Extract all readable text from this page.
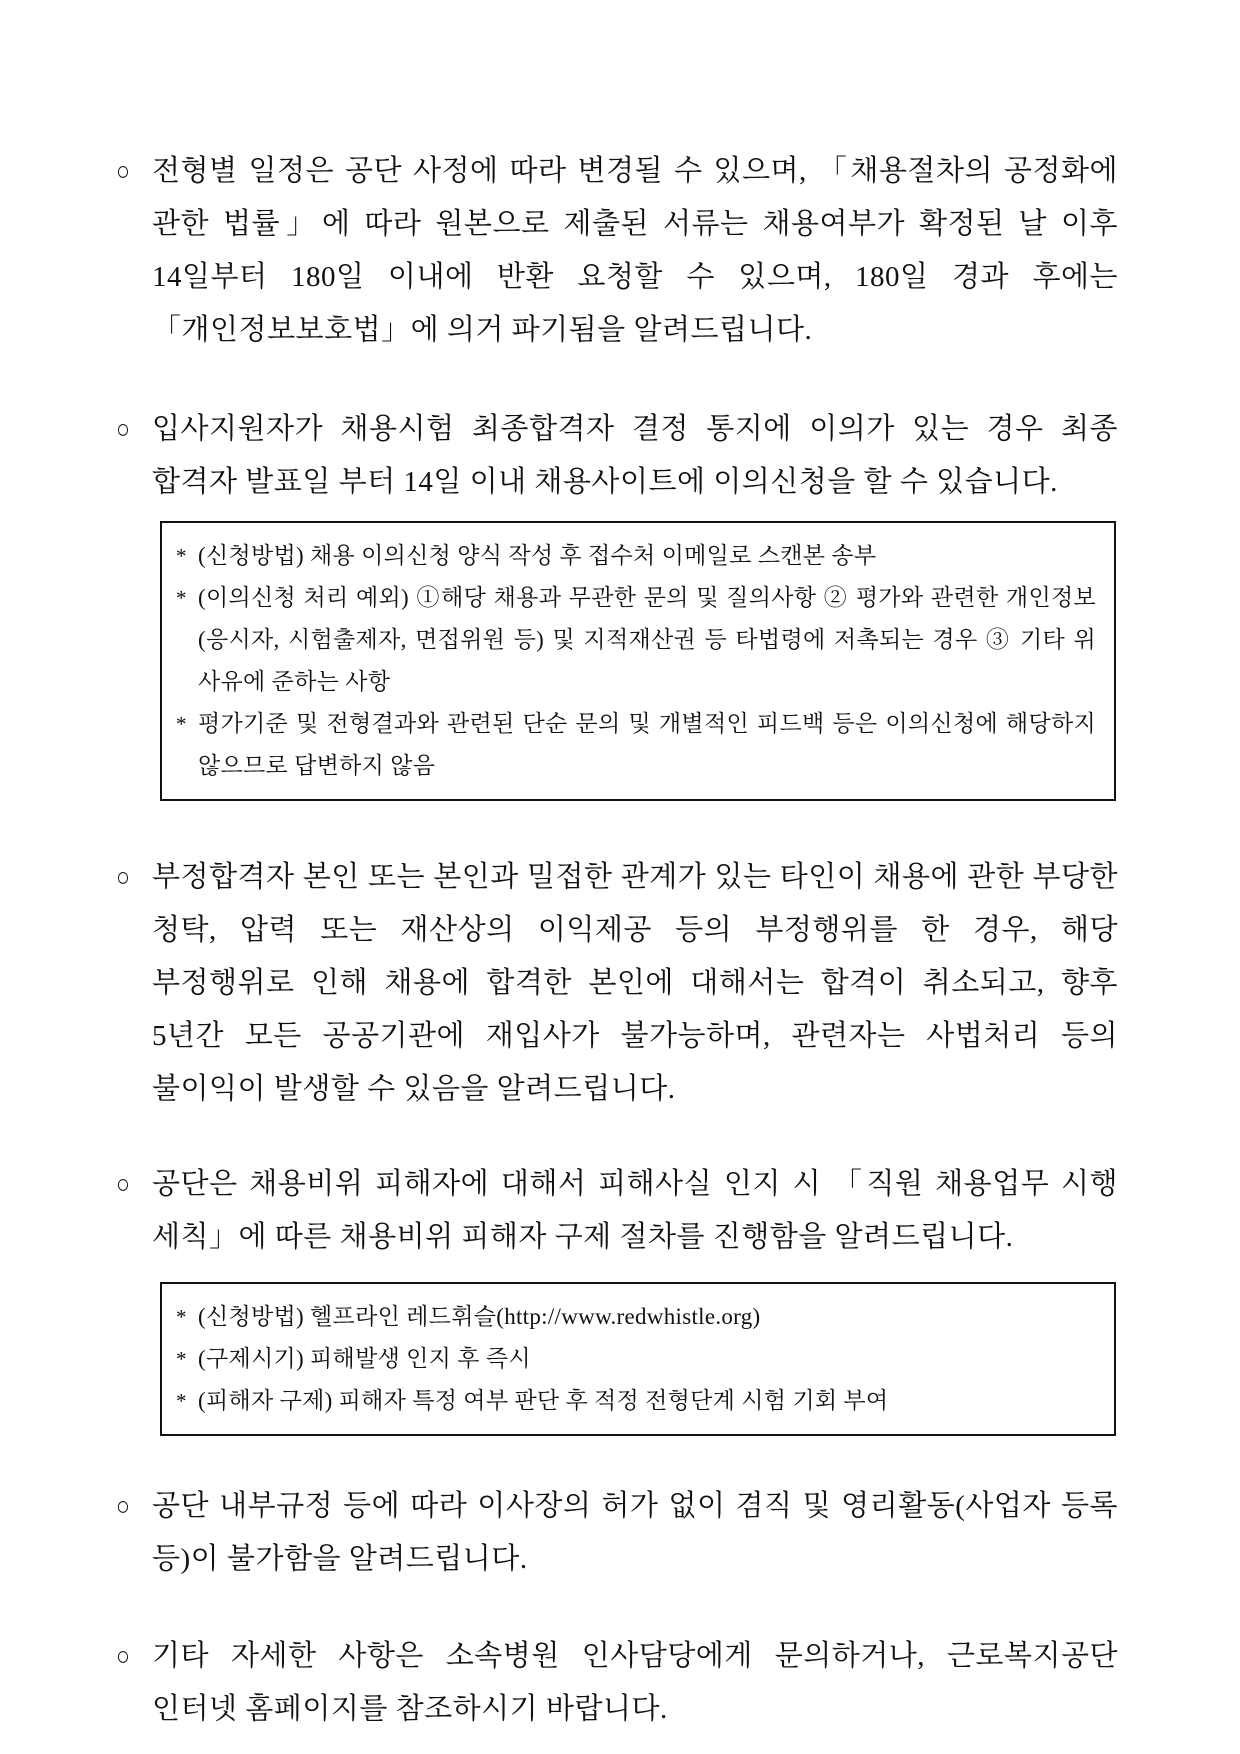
○ 전형별 일정은 공단 사정에 따라 변경될 수 있으며, 「채용절차의 공정화에 관한 법률」에 따라 원본으로 제출된 서류는 채용여부가 확정된 날 이후 14일부터 180일 이내에 반환 요청할 수 있으며, 180일 경과 후에는 「개인정보보호법」에 의거 파기됨을 알려드립니다.
○ 입사지원자가 채용시험 최종합격자 결정 통지에 이의가 있는 경우 최종 합격자 발표일 부터 14일 이내 채용사이트에 이의신청을 할 수 있습니다.
* (신청방법) 채용 이의신청 양식 작성 후 접수처 이메일로 스캔본 송부
* (이의신청 처리 예외) ①해당 채용과 무관한 문의 및 질의사항 ② 평가와 관련한 개인정보(응시자, 시험출제자, 면접위원 등) 및 지적재산권 등 타법령에 저촉되는 경우 ③ 기타 위 사유에 준하는 사항
* 평가기준 및 전형결과와 관련된 단순 문의 및 개별적인 피드백 등은 이의신청에 해당하지 않으므로 답변하지 않음
○ 부정합격자 본인 또는 본인과 밀접한 관계가 있는 타인이 채용에 관한 부당한 청탁, 압력 또는 재산상의 이익제공 등의 부정행위를 한 경우, 해당 부정행위로 인해 채용에 합격한 본인에 대해서는 합격이 취소되고, 향후 5년간 모든 공공기관에 재입사가 불가능하며, 관련자는 사법처리 등의 불이익이 발생할 수 있음을 알려드립니다.
○ 공단은 채용비위 피해자에 대해서 피해사실 인지 시 「직원 채용업무 시행 세칙」에 따른 채용비위 피해자 구제 절차를 진행함을 알려드립니다.
* (신청방법) 헬프라인 레드휘슬(http://www.redwhistle.org)
* (구제시기) 피해발생 인지 후 즉시
* (피해자 구제) 피해자 특정 여부 판단 후 적정 전형단계 시험 기회 부여
○ 공단 내부규정 등에 따라 이사장의 허가 없이 겸직 및 영리활동(사업자 등록 등)이 불가함을 알려드립니다.
○ 기타 자세한 사항은 소속병원 인사담당에게 문의하거나, 근로복지공단 인터넷 홈페이지를 참조하시기 바랍니다.
